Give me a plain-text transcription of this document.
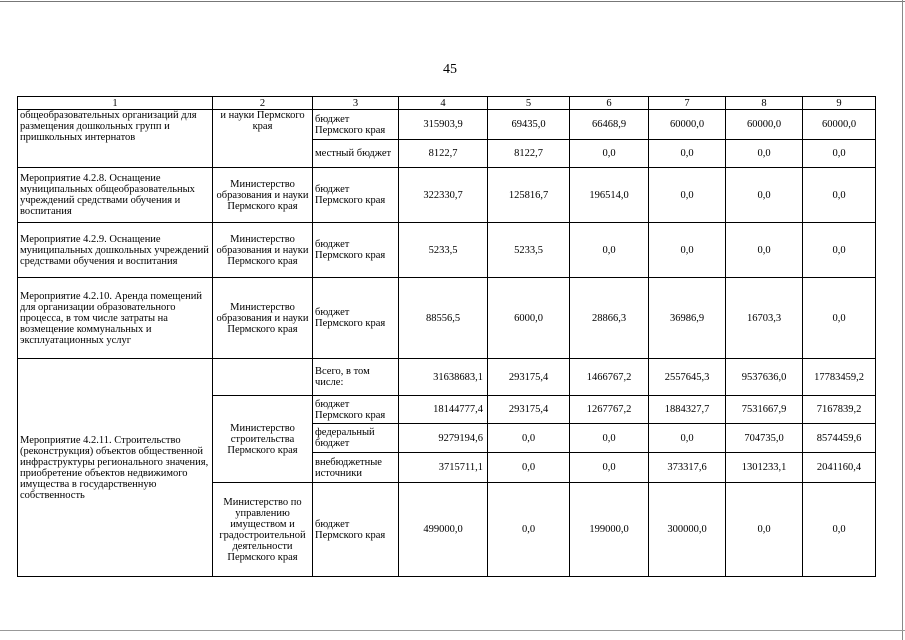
45
1	2	3	4	5	6	7	8	9
общеобразовательных организаций для размещения дошкольных групп и пришкольных интернатов	и науки Пермского края	бюджет Пермского края	315903,9	69435,0	66468,9	60000,0	60000,0	60000,0
		местный бюджет	8122,7	8122,7	0,0	0,0	0,0	0,0
Мероприятие 4.2.8. Оснащение муниципальных общеобразовательных учреждений средствами обучения и воспитания	Министерство образования и науки Пермского края	бюджет Пермского края	322330,7	125816,7	196514,0	0,0	0,0	0,0
Мероприятие 4.2.9. Оснащение муниципальных дошкольных учреждений средствами обучения и воспитания	Министерство образования и науки Пермского края	бюджет Пермского края	5233,5	5233,5	0,0	0,0	0,0	0,0
Мероприятие 4.2.10. Аренда помещений для организации образовательного процесса, в том числе затраты на возмещение коммунальных и эксплуатационных услуг	Министерство образования и науки Пермского края	бюджет Пермского края	88556,5	6000,0	28866,3	36986,9	16703,3	0,0
Мероприятие 4.2.11. Строительство (реконструкция) объектов общественной инфраструктуры регионального значения, приобретение объектов недвижимого имущества в государственную собственность		Всего, в том числе:	31638683,1	293175,4	1466767,2	2557645,3	9537636,0	17783459,2
	Министерство строительства Пермского края	бюджет Пермского края	18144777,4	293175,4	1267767,2	1884327,7	7531667,9	7167839,2
		федеральный бюджет	9279194,6	0,0	0,0	0,0	704735,0	8574459,6
		внебюджетные источники	3715711,1	0,0	0,0	373317,6	1301233,1	2041160,4
	Министерство по управлению имуществом и градостроительной деятельности Пермского края	бюджет Пермского края	499000,0	0,0	199000,0	300000,0	0,0	0,0
